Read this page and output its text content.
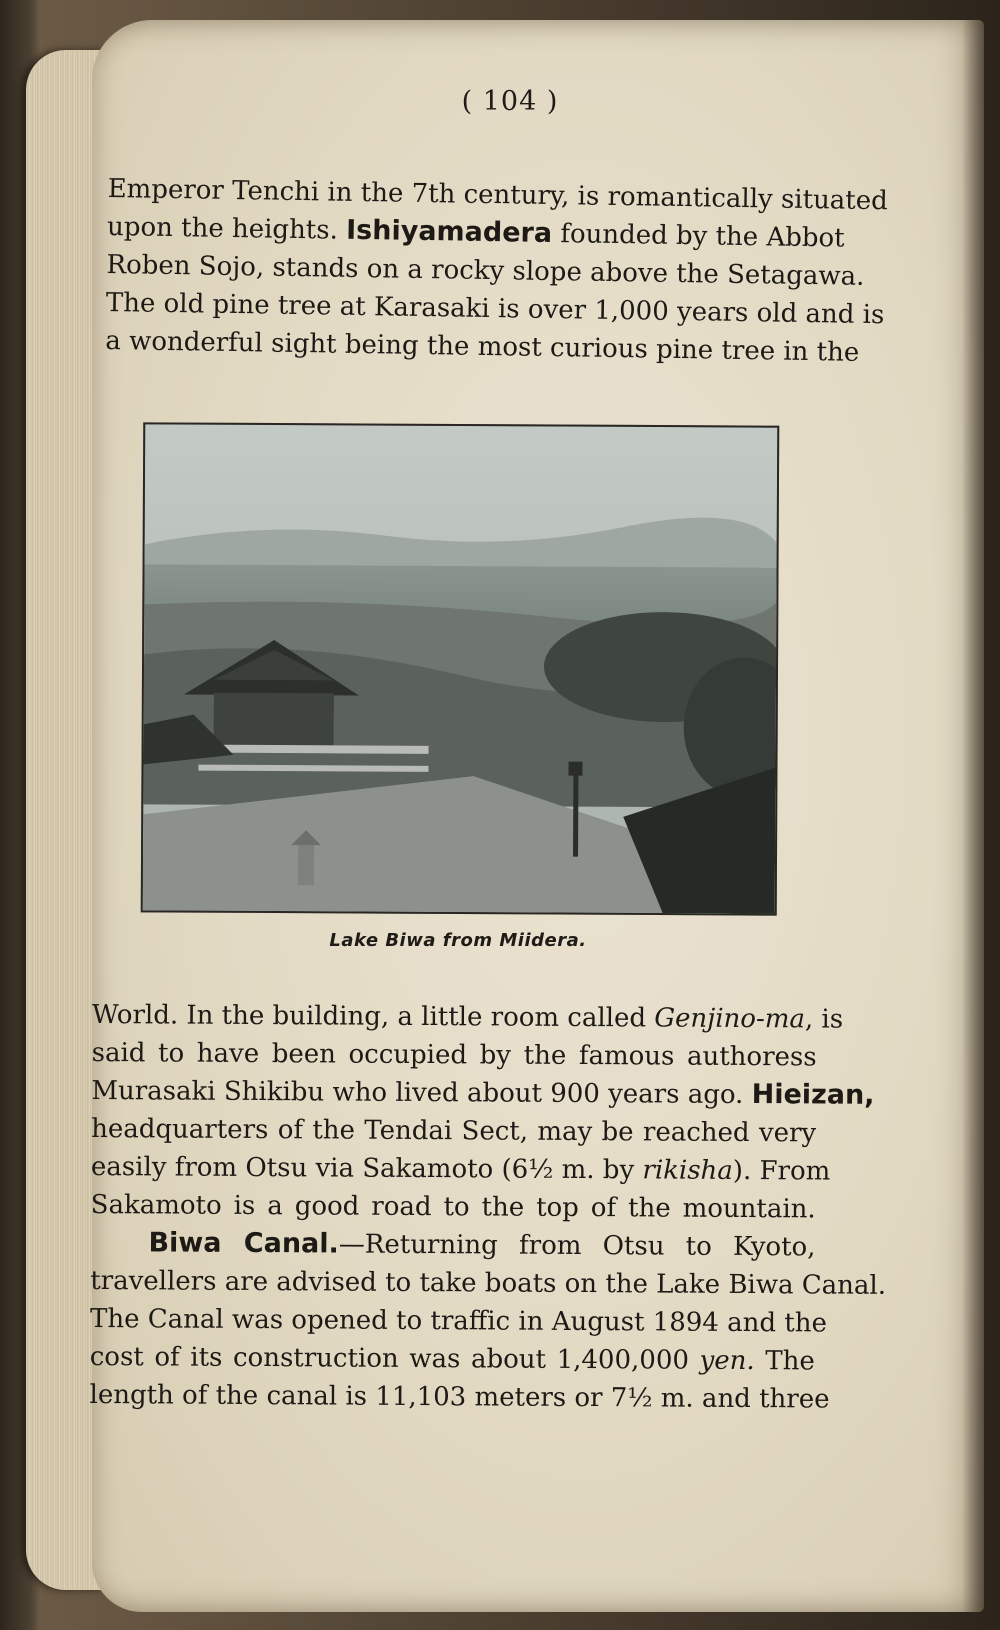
( 104 )
Emperor Tenchi in the 7th century, is romantically situated
upon the heights. Ishiyamadera founded by the Abbot
Roben Sojo, stands on a rocky slope above the Setagawa.
The old pine tree at Karasaki is over 1,000 years old and is
a wonderful sight being the most curious pine tree in the
Lake Biwa from Miidera.
World. In the building, a little room called Genjino-ma, is
said to have been occupied by the famous authoress
Murasaki Shikibu who lived about 900 years ago. Hieizan,
headquarters of the Tendai Sect, may be reached very
easily from Otsu via Sakamoto (6½ m. by rikisha). From
Sakamoto is a good road to the top of the mountain.
Biwa Canal.—Returning from Otsu to Kyoto,
travellers are advised to take boats on the Lake Biwa Canal.
The Canal was opened to traffic in August 1894 and the
cost of its construction was about 1,400,000 yen. The
length of the canal is 11,103 meters or 7½ m. and three
